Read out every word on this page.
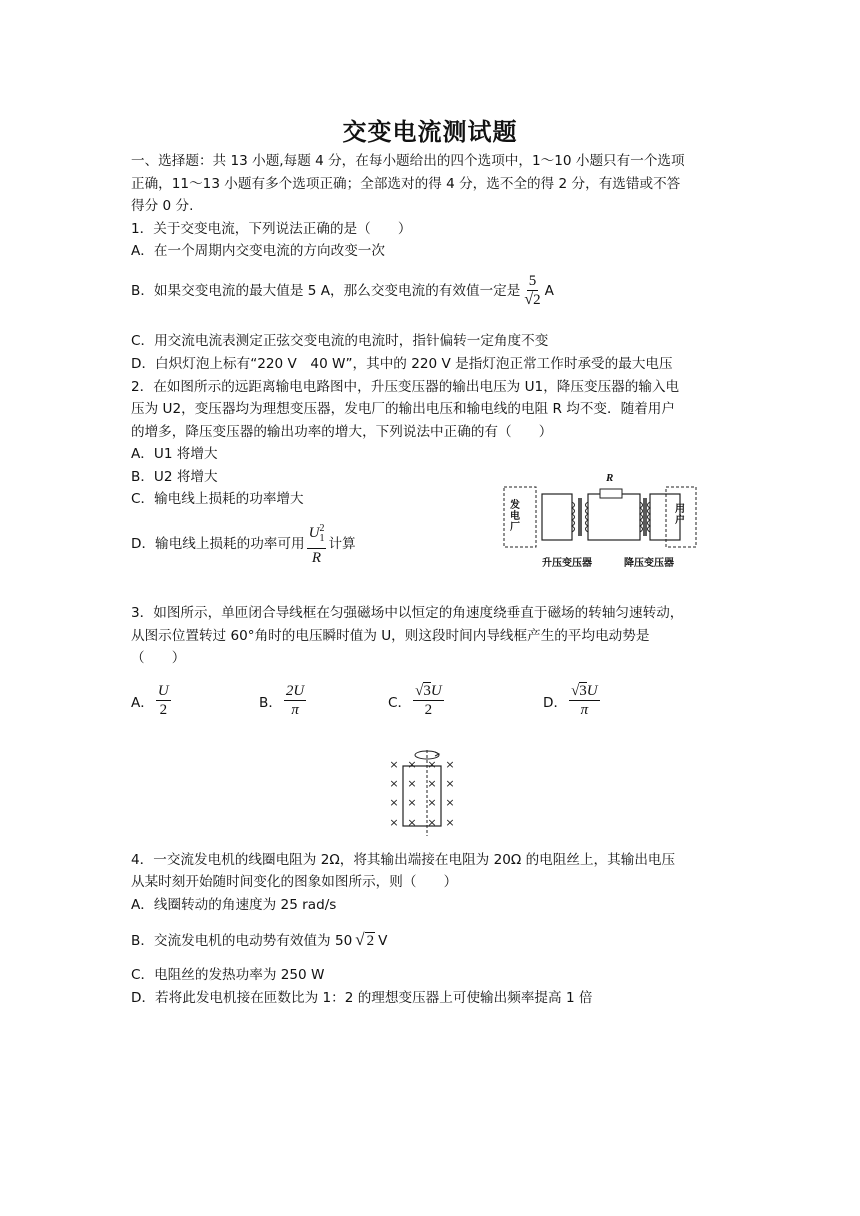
交变电流测试题
一、选择题：共 13 小题,每题 4 分，在每小题给出的四个选项中，1～10 小题只有一个选项
正确，11～13 小题有多个选项正确；全部选对的得 4 分，选不全的得 2 分，有选错或不答
得分 0 分.
1．关于交变电流，下列说法正确的是（　　）
A．在一个周期内交变电流的方向改变一次
B．如果交变电流的最大值是 5 A，那么交变电流的有效值一定是 $\frac{5}{√2}$ A
C．用交流电流表测定正弦交变电流的电流时，指针偏转一定角度不变
D．白炽灯泡上标有“220 V　40 W”，其中的 220 V 是指灯泡正常工作时承受的最大电压
2．在如图所示的远距离输电电路图中，升压变压器的输出电压为 U1，降压变压器的输入电
压为 U2，变压器均为理想变压器，发电厂的输出电压和输电线的电阻 R 均不变．随着用户
的增多，降压变压器的输出功率的增大，下列说法中正确的有（　　）
A．U1 将增大
B．U2 将增大
C．输电线上损耗的功率增大
D．输电线上损耗的功率可用 $\frac{U_1^2}{R}$ 计算
发
电
厂
R
用
户
升压变压器	降压变压器
3．如图所示，单匝闭合导线框在匀强磁场中以恒定的角速度绕垂直于磁场的转轴匀速转动，
从图示位置转过 60°角时的电压瞬时值为 U，则这段时间内导线框产生的平均电动势是
（　　）
A． $\frac{U}{2}$	B． $\frac{2U}{\pi}$	C． $\frac{√3U}{2}$	D． $\frac{√3U}{\pi}$
× × × ×
× × × ×
× × × ×
× × × ×
4．一交流发电机的线圈电阻为 2Ω，将其输出端接在电阻为 20Ω 的电阻丝上，其输出电压
从某时刻开始随时间变化的图象如图所示，则（　　）
A．线圈转动的角速度为 25 rad/s
B．交流发电机的电动势有效值为 50 √ 2 V
C．电阻丝的发热功率为 250 W
D．若将此发电机接在匝数比为 1：2 的理想变压器上可使输出频率提高 1 倍
